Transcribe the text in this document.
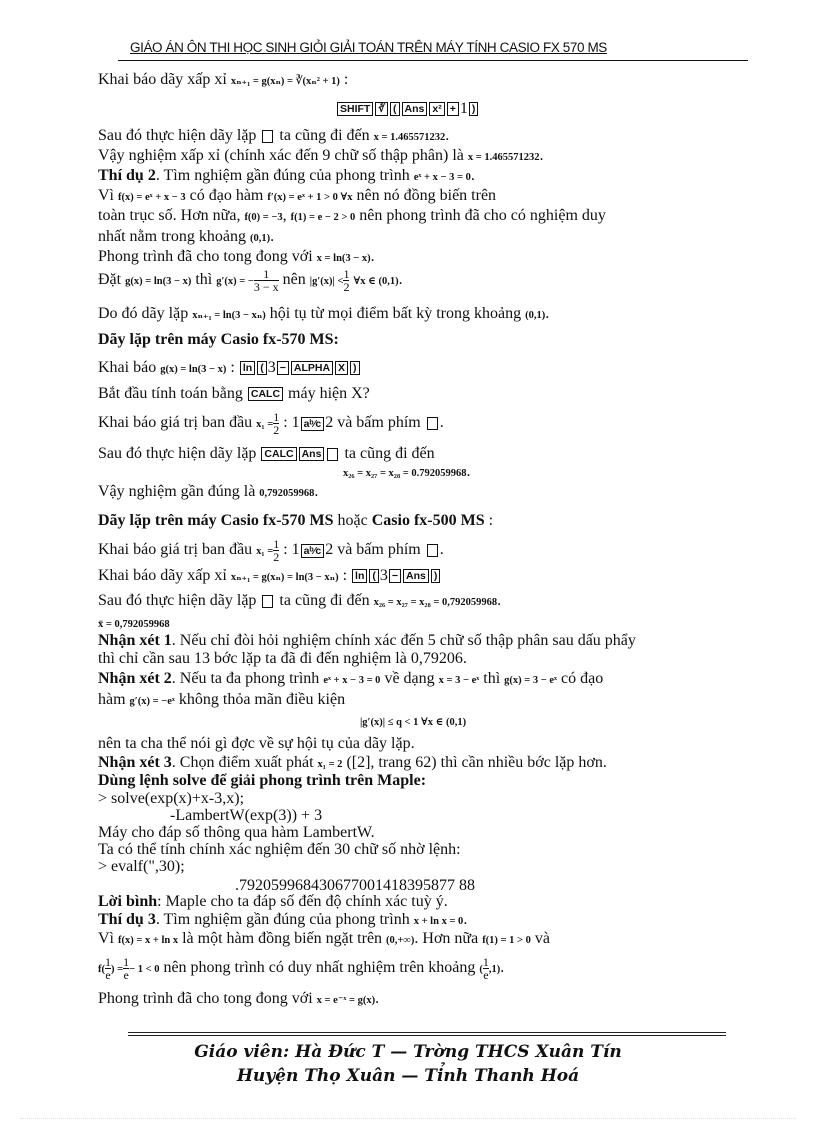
GIÁO ÁN ÔN THI HỌC SINH GIỎI GIẢI TOÁN TRÊN MÁY TÍNH CASIO FX 570 MS
Khai báo dãy xấp xỉ xₙ₊₁ = g(xₙ) = ∛(xₙ² + 1) :
SHIFT ∛ ( Ans x² + 1 )
Sau đó thực hiện dãy lặp ta cũng đi đến x = 1.465571232.
Vậy nghiệm xấp xỉ (chính xác đến 9 chữ số thập phân) là x = 1.465571232.
Thí dụ 2. Tìm nghiệm gần đúng của phong trình eˣ + x − 3 = 0.
Vì f(x) = eˣ + x − 3 có đạo hàm f′(x) = eˣ + 1 > 0 ∀x nên nó đồng biến trên
toàn trục số. Hơn nữa, f(0) = −3, f(1) = e − 2 > 0 nên phong trình đã cho có nghiệm duy
nhất nằm trong khoảng (0,1).
Phong trình đã cho tong đong với x = ln(3 − x).
Đặt g(x) = ln(3 − x) thì g′(x) = − $\frac{1}{3 - x}$ nên $|g'(x)| < \frac{1}{2}$ ∀x ∈ (0,1).
Do đó dãy lặp xₙ₊₁ = ln(3 − xₙ) hội tụ từ mọi điểm bất kỳ trong khoảng (0,1).
Dãy lặp trên máy Casio fx-570 MS:
Khai báo g(x) = ln(3 − x) : ln ( 3 − ALPHA X )
Bắt đầu tính toán bằng CALC máy hiện X?
Khai báo giá trị ban đầu $x_1 = \frac{1}{2}$ : 1 aᵇ⁄c 2 và bấm phím .
Sau đó thực hiện dãy lặp CALC Ans ta cũng đi đến
x₂₆ = x₂₇ = x₂₈ = 0.792059968.
Vậy nghiệm gần đúng là 0,792059968.
Dãy lặp trên máy Casio fx-570 MS hoặc Casio fx-500 MS :
Khai báo giá trị ban đầu $x_1 = \frac{1}{2}$ : 1 aᵇ⁄c 2 và bấm phím .
Khai báo dãy xấp xỉ xₙ₊₁ = g(xₙ) = ln(3 − xₙ) : ln ( 3 − Ans )
Sau đó thực hiện dãy lặp ta cũng đi đến x₂₆ = x₂₇ = x₂₈ = 0,792059968.
x̄ = 0,792059968
Nhận xét 1. Nếu chỉ đòi hỏi nghiệm chính xác đến 5 chữ số thập phân sau dấu phẩy
thì chỉ cần sau 13 bớc lặp ta đã đi đến nghiệm là 0,79206.
Nhận xét 2. Nếu ta đa phong trình eˣ + x − 3 = 0 về dạng x = 3 − eˣ thì g(x) = 3 − eˣ có đạo
hàm g′(x) = −eˣ không thỏa mãn điều kiện
|g′(x)| ≤ q < 1 ∀x ∈ (0,1)
nên ta cha thể nói gì đợc về sự hội tụ của dãy lặp.
Nhận xét 3. Chọn điểm xuất phát x₁ = 2 ([2], trang 62) thì cần nhiều bớc lặp hơn.
Dùng lệnh solve để giải phong trình trên Maple:
> solve(exp(x)+x-3,x);
-LambertW(exp(3)) + 3
Máy cho đáp số thông qua hàm LambertW.
Ta có thể tính chính xác nghiệm đến 30 chữ số nhờ lệnh:
> evalf(",30);
.792059968430677001418395877 88
Lời bình: Maple cho ta đáp số đến độ chính xác tuỳ ý.
Thí dụ 3. Tìm nghiệm gần đúng của phong trình x + ln x = 0.
Vì f(x) = x + ln x là một hàm đồng biến ngặt trên (0,+∞). Hơn nữa f(1) = 1 > 0 và
$f( \frac{1}{e}$ ) = $\frac{1}{e} - 1 < 0$ nên phong trình có duy nhất nghiệm trên khoảng ( $\frac{1}{e} ,1$).
Phong trình đã cho tong đong với x = e⁻ˣ = g(x).
Giáo viên: Hà Đức T — Trờng THCS Xuân Tín
Huyện Thọ Xuân — Tỉnh Thanh Hoá
